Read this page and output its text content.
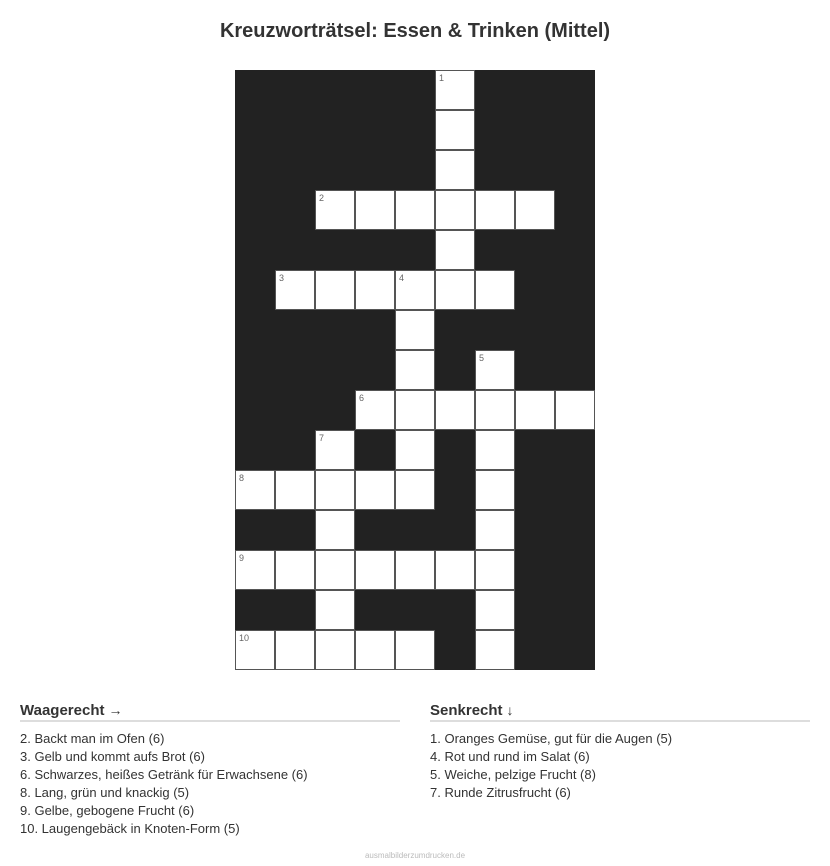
Kreuzworträtsel: Essen & Trinken (Mittel)
1
2
3	4
5
6
7
8
9
10
Waagerecht →
2. Backt man im Ofen (6)
3. Gelb und kommt aufs Brot (6)
6. Schwarzes, heißes Getränk für Erwachsene (6)
8. Lang, grün und knackig (5)
9. Gelbe, gebogene Frucht (6)
10. Laugengebäck in Knoten-Form (5)
Senkrecht ↓
1. Oranges Gemüse, gut für die Augen (5)
4. Rot und rund im Salat (6)
5. Weiche, pelzige Frucht (8)
7. Runde Zitrusfrucht (6)
ausmalbilderzumdrucken.de
